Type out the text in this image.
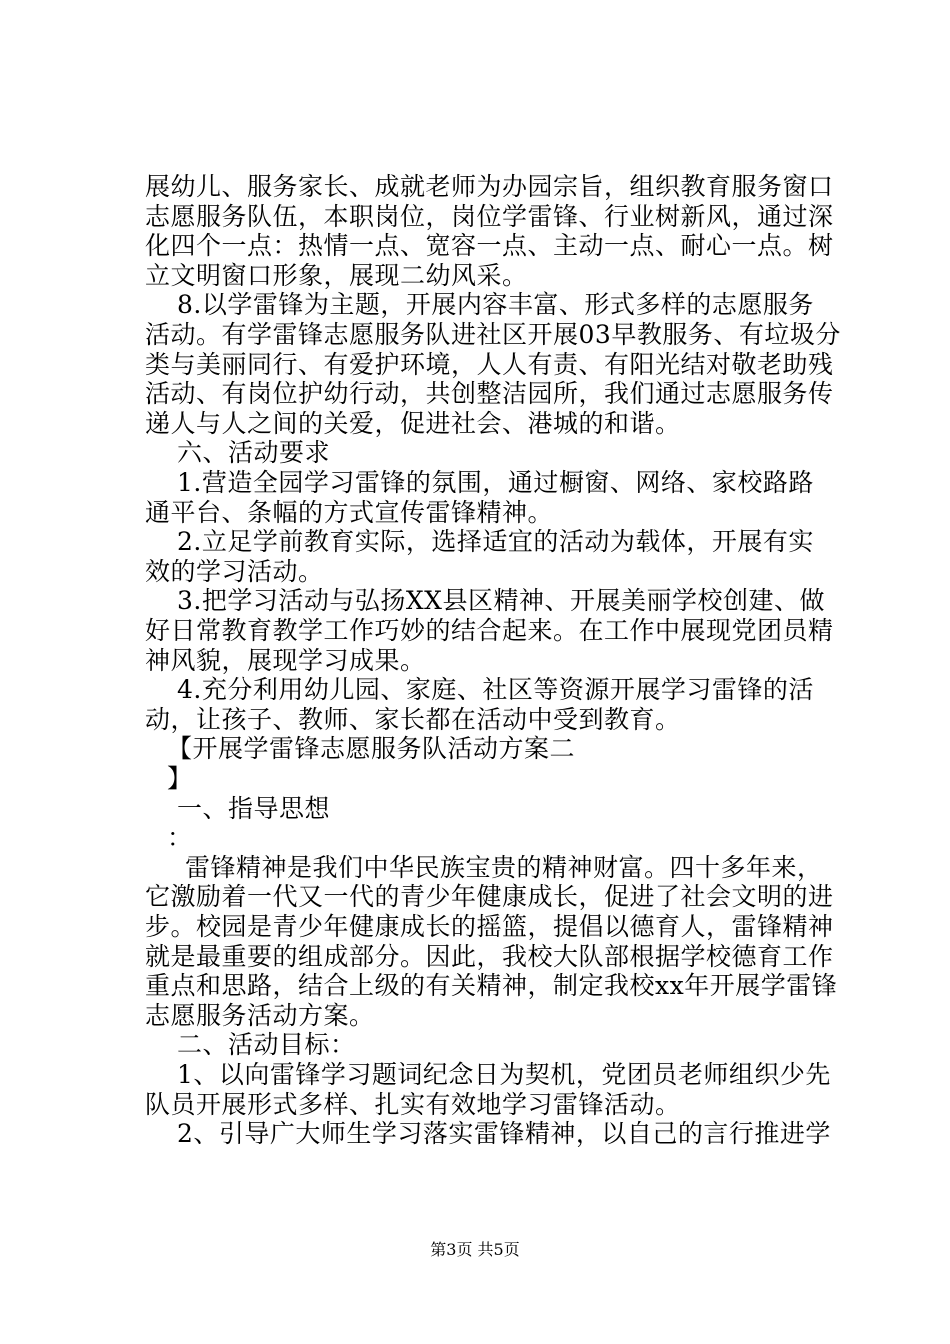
展幼儿、服务家长、成就老师为办园宗旨，组织教育服务窗口
志愿服务队伍，本职岗位，岗位学雷锋、行业树新风，通过深
化四个一点：热情一点、宽容一点、主动一点、耐心一点。树
立文明窗口形象，展现二幼风采。
8.以学雷锋为主题，开展内容丰富、形式多样的志愿服务
活动。有学雷锋志愿服务队进社区开展03早教服务、有垃圾分
类与美丽同行、有爱护环境，人人有责、有阳光结对敬老助残
活动、有岗位护幼行动，共创整洁园所，我们通过志愿服务传
递人与人之间的关爱，促进社会、港城的和谐。
六、活动要求
1.营造全园学习雷锋的氛围，通过橱窗、网络、家校路路
通平台、条幅的方式宣传雷锋精神。
2.立足学前教育实际，选择适宜的活动为载体，开展有实
效的学习活动。
3.把学习活动与弘扬XX县区精神、开展美丽学校创建、做
好日常教育教学工作巧妙的结合起来。在工作中展现党团员精
神风貌，展现学习成果。
4.充分利用幼儿园、家庭、社区等资源开展学习雷锋的活
动，让孩子、教师、家长都在活动中受到教育。
【开展学雷锋志愿服务队活动方案二
】
一、指导思想
：
雷锋精神是我们中华民族宝贵的精神财富。四十多年来，
它激励着一代又一代的青少年健康成长，促进了社会文明的进
步。校园是青少年健康成长的摇篮，提倡以德育人，雷锋精神
就是最重要的组成部分。因此，我校大队部根据学校德育工作
重点和思路，结合上级的有关精神，制定我校xx年开展学雷锋
志愿服务活动方案。
二、活动目标：
1、以向雷锋学习题词纪念日为契机，党团员老师组织少先
队员开展形式多样、扎实有效地学习雷锋活动。
2、引导广大师生学习落实雷锋精神，以自己的言行推进学
第3页 共5页
